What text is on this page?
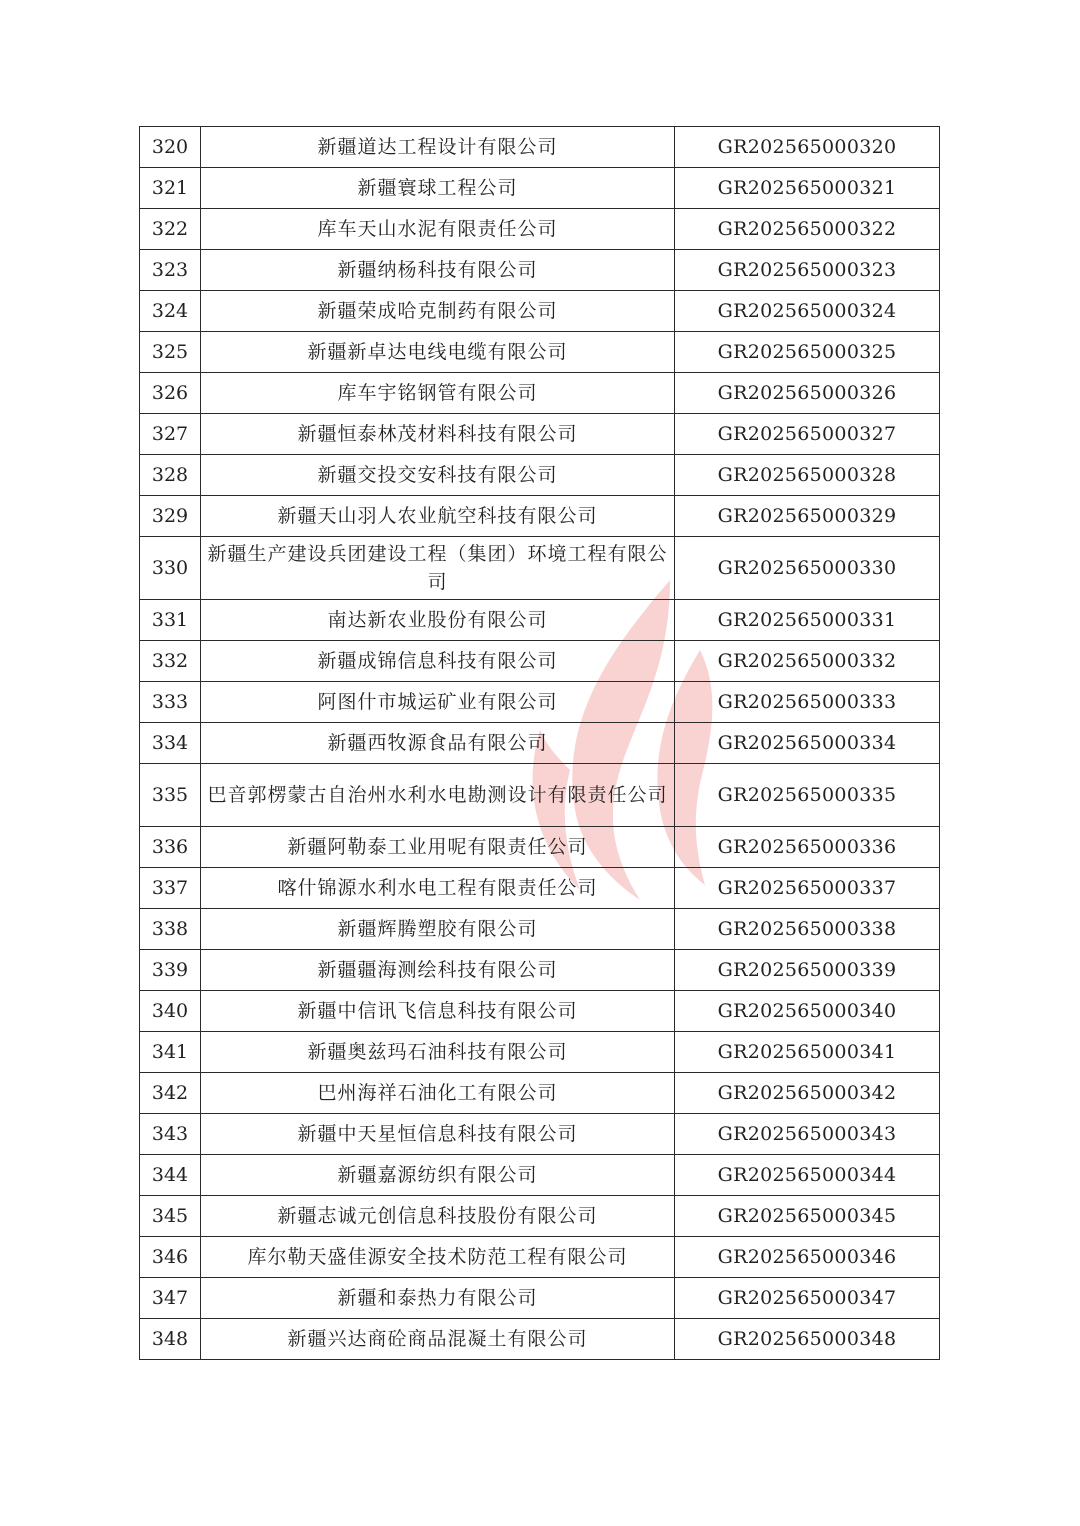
320	新疆道达工程设计有限公司	GR202565000320
321	新疆寰球工程公司	GR202565000321
322	库车天山水泥有限责任公司	GR202565000322
323	新疆纳杨科技有限公司	GR202565000323
324	新疆荣成哈克制药有限公司	GR202565000324
325	新疆新卓达电线电缆有限公司	GR202565000325
326	库车宇铭钢管有限公司	GR202565000326
327	新疆恒泰林茂材料科技有限公司	GR202565000327
328	新疆交投交安科技有限公司	GR202565000328
329	新疆天山羽人农业航空科技有限公司	GR202565000329
330	新疆生产建设兵团建设工程（集团）环境工程有限公司	GR202565000330
331	南达新农业股份有限公司	GR202565000331
332	新疆成锦信息科技有限公司	GR202565000332
333	阿图什市城运矿业有限公司	GR202565000333
334	新疆西牧源食品有限公司	GR202565000334
335	巴音郭楞蒙古自治州水利水电勘测设计有限责任公司	GR202565000335
336	新疆阿勒泰工业用呢有限责任公司	GR202565000336
337	喀什锦源水利水电工程有限责任公司	GR202565000337
338	新疆辉腾塑胶有限公司	GR202565000338
339	新疆疆海测绘科技有限公司	GR202565000339
340	新疆中信讯飞信息科技有限公司	GR202565000340
341	新疆奥兹玛石油科技有限公司	GR202565000341
342	巴州海祥石油化工有限公司	GR202565000342
343	新疆中天星恒信息科技有限公司	GR202565000343
344	新疆嘉源纺织有限公司	GR202565000344
345	新疆志诚元创信息科技股份有限公司	GR202565000345
346	库尔勒天盛佳源安全技术防范工程有限公司	GR202565000346
347	新疆和泰热力有限公司	GR202565000347
348	新疆兴达商砼商品混凝土有限公司	GR202565000348
